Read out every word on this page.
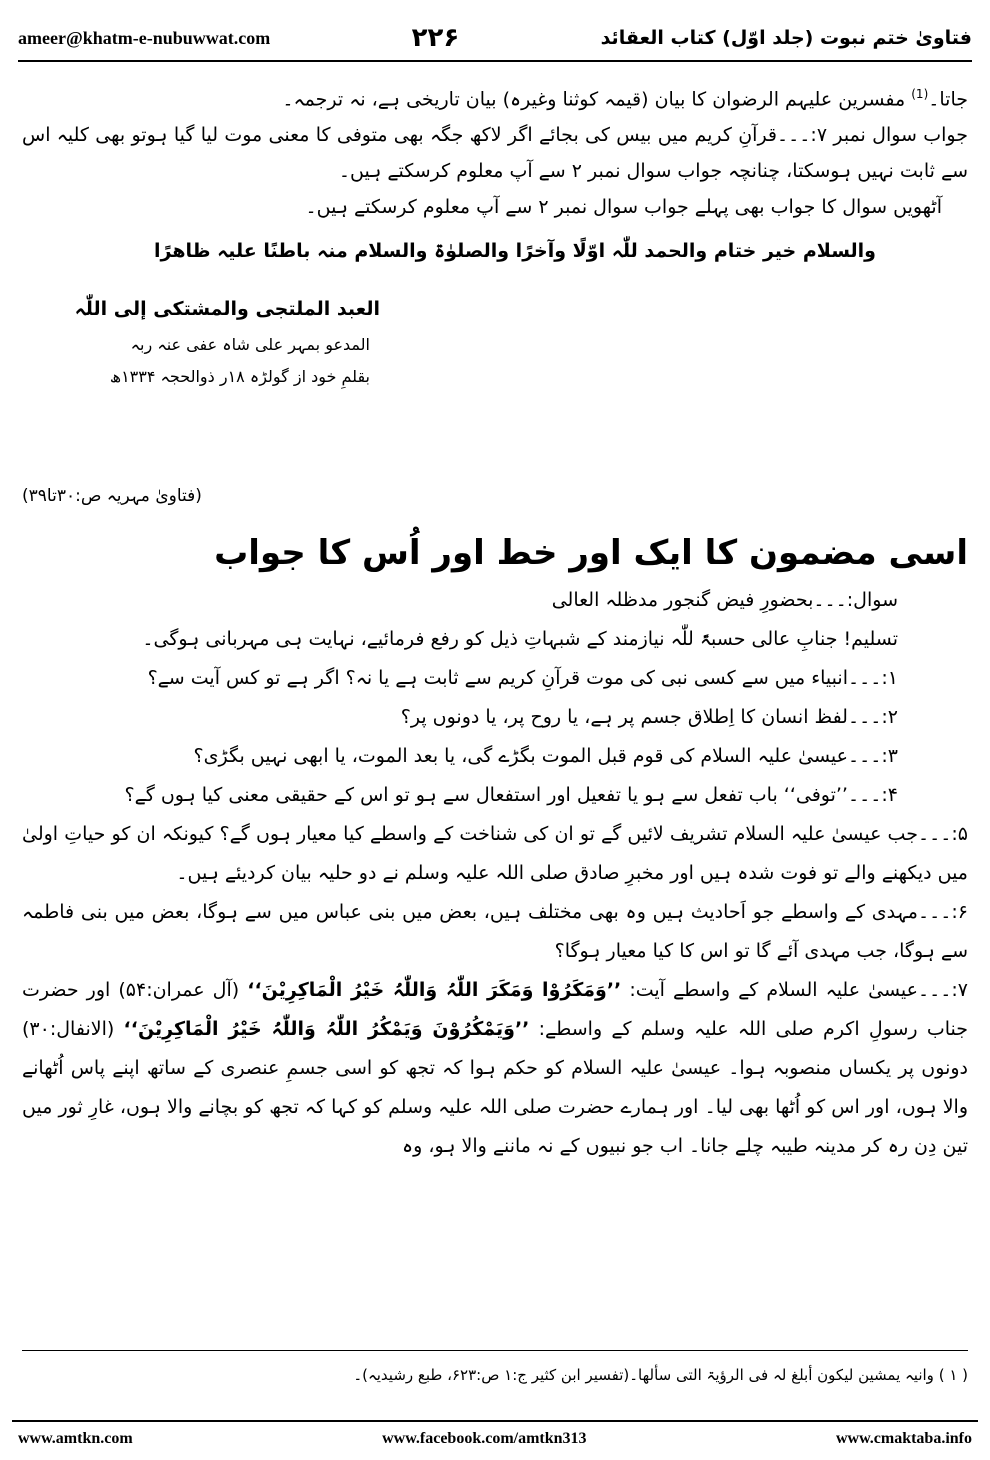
ameer@khatm-e-nubuwwat.com	۲۲۶	فتاویٰ ختم نبوت (جلد اوّل) کتاب العقائد

جاتا۔$^{(1)}$ مفسرین علیہم الرضوان کا بیان (قیمہ کوثنا وغیرہ) بیان تاریخی ہے، نہ ترجمہ۔

جواب سوال نمبر ۷:۔۔۔قرآنِ کریم میں بیس کی بجائے اگر لاکھ جگہ بھی متوفی کا معنی موت لیا گیا ہوتو بھی کلیہ اس سے ثابت نہیں ہوسکتا، چنانچہ جواب سوال نمبر ۲ سے آپ معلوم کرسکتے ہیں۔

آٹھویں سوال کا جواب بھی پہلے جواب سوال نمبر ۲ سے آپ معلوم کرسکتے ہیں۔

والسلام خیر ختام والحمد للّٰہ اوّلًا وآخرًا والصلوٰۃ والسلام منہ باطنًا علیہ ظاھرًا

العبد الملتجی والمشتکی إلی اللّٰہ
المدعو بمہر علی شاہ عفی عنہ ربہ
بقلمِ خود از گولڑہ ۱۸ر ذوالحجہ ۱۳۳۴ھ
(فتاویٰ مہریہ ص:۳۰تا۳۹)
اسی مضمون کا ایک اور خط اور اُس کا جواب

سوال:۔۔۔بحضورِ فیض گنجور مدظلہ العالی

تسلیم! جنابِ عالی حسبۃً للّٰہ نیازمند کے شبہاتِ ذیل کو رفع فرمائیے، نہایت ہی مہربانی ہوگی۔

۱:۔۔۔انبیاء میں سے کسی نبی کی موت قرآنِ کریم سے ثابت ہے یا نہ؟ اگر ہے تو کس آیت سے؟

۲:۔۔۔لفظ انسان کا اِطلاق جسم پر ہے، یا روح پر، یا دونوں پر؟

۳:۔۔۔عیسیٰ علیہ السلام کی قوم قبل الموت بگڑے گی، یا بعد الموت، یا ابھی نہیں بگڑی؟

۴:۔۔۔’’توفی‘‘ باب تفعل سے ہو یا تفعیل اور استفعال سے ہو تو اس کے حقیقی معنی کیا ہوں گے؟

۵:۔۔۔جب عیسیٰ علیہ السلام تشریف لائیں گے تو ان کی شناخت کے واسطے کیا معیار ہوں گے؟ کیونکہ ان کو حیاتِ اولیٰ میں دیکھنے والے تو فوت شدہ ہیں اور مخبرِ صادق صلی اللہ علیہ وسلم نے دو حلیہ بیان کردیئے ہیں۔

۶:۔۔۔مہدی کے واسطے جو اَحادیث ہیں وہ بھی مختلف ہیں، بعض میں بنی عباس میں سے ہوگا، بعض میں بنی فاطمہ سے ہوگا، جب مہدی آئے گا تو اس کا کیا معیار ہوگا؟

۷:۔۔۔عیسیٰ علیہ السلام کے واسطے آیت: ’’وَمَکَرُوْا وَمَکَرَ اللّٰہُ وَاللّٰہُ خَیْرُ الْمَاکِرِیْنَ‘‘ (آل عمران:۵۴) اور حضرت جناب رسولِ اکرم صلی اللہ علیہ وسلم کے واسطے: ’’وَیَمْکُرُوْنَ وَیَمْکُرُ اللّٰہُ وَاللّٰہُ خَیْرُ الْمَاکِرِیْنَ‘‘ (الانفال:۳۰) دونوں پر یکساں منصوبہ ہوا۔ عیسیٰ علیہ السلام کو حکم ہوا کہ تجھ کو اسی جسمِ عنصری کے ساتھ اپنے پاس اُٹھانے والا ہوں، اور اس کو اُٹھا بھی لیا۔ اور ہمارے حضرت صلی اللہ علیہ وسلم کو کہا کہ تجھ کو بچانے والا ہوں، غارِ ثور میں تین دِن رہ کر مدینہ طیبہ چلے جانا۔ اب جو نبیوں کے نہ ماننے والا ہو، وہ

( ۱ ) وانیہ یمشین لیکون أبلغ لہ فی الرؤیۃ التی سألھا۔(تفسیر ابن کثیر ج:۱ ص:۶۲۳، طبع رشیدیہ)۔
www.amtkn.com	www.facebook.com/amtkn313	www.cmaktaba.info
